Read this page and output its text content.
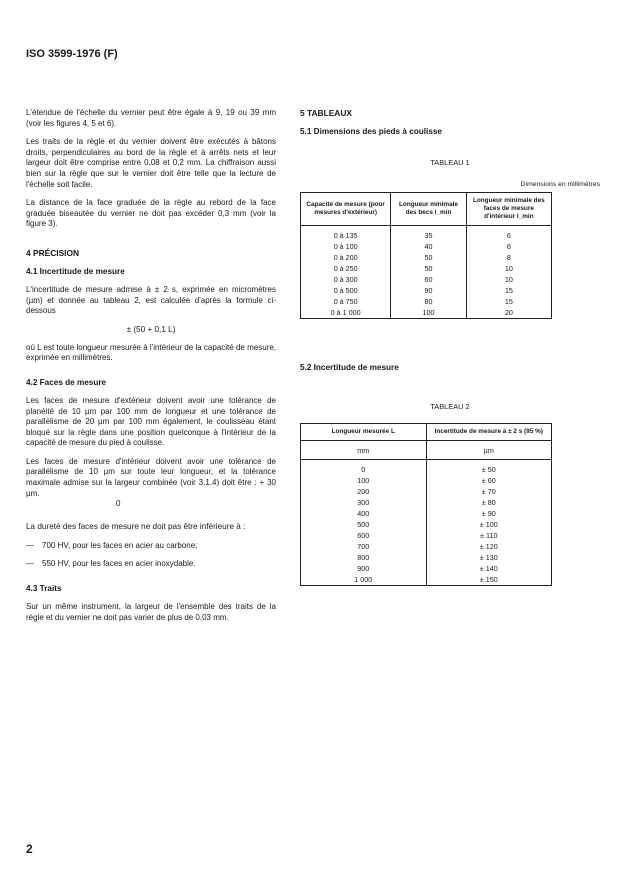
ISO 3599-1976 (F)

L'étendue de l'échelle du vernier peut être égale à 9, 19 ou 39 mm (voir les figures 4, 5 et 6).

Les traits de la règle et du vernier doivent être exécutés à bâtons droits, perpendiculaires au bord de la règle et à arrêts nets et leur largeur doit être comprise entre 0,08 et 0,2 mm. La chiffraison aussi bien sur la règle que sur le vernier doit être telle que la lecture de l'échelle soit facile.

La distance de la face graduée de la règle au rebord de la face graduée biseautée du vernier ne doit pas excéder 0,3 mm (voir la figure 3).

4 PRÉCISION
4.1 Incertitude de mesure

L'incertitude de mesure admise à ± 2 s, exprimée en micromètres (µm) et donnée au tableau 2, est calculée d'après la formule ci-dessous

± (50 + 0,1 L)

où L est toute longueur mesurée à l'intérieur de la capacité de mesure, exprimée en millimètres.

4.2 Faces de mesure

Les faces de mesure d'extérieur doivent avoir une tolérance de planéité de 10 µm par 100 mm de longueur et une tolérance de parallélisme de 20 µm par 100 mm également, le coulisseau étant bloqué sur la règle dans une position quelconque à l'intérieur de la capacité de mesure du pied à coulisse.

Les faces de mesure d'intérieur doivent avoir une tolérance de parallélisme de 10 µm sur toute leur longueur, et la tolérance maximale admise sur la largeur combinée (voir 3.1.4) doit être : + 30 µm.

0

La dureté des faces de mesure ne doit pas être inférieure à :

—	700 HV, pour les faces en acier au carbone;
—	550 HV, pour les faces en acier inoxydable.
4.3 Traits

Sur un même instrument, la largeur de l'ensemble des traits de la règle et du vernier ne doit pas varier de plus de 0,03 mm.

5 TABLEAUX
5.1 Dimensions des pieds à coulisse
TABLEAU 1
Dimensions en millimètres
Capacité de mesure (pour mesures d'extérieur)	Longueur minimale des becs l_min	Longueur minimale des faces de mesure d'intérieur l_min
0 à 135	35	6
0 à 100	40	6
0 à 200	50	8
0 à 250	50	10
0 à 300	60	10
0 à 500	90	15
0 à 750	80	15
0 à 1 000	100	20
5.2 Incertitude de mesure
TABLEAU 2
Longueur mesurée L	Incertitude de mesure à ± 2 s (95 %)
mm	µm
0	± 50
100	± 60
200	± 70
300	± 80
400	± 90
500	± 100
600	± 110
700	± 120
800	± 130
900	± 140
1 000	± 150
2
